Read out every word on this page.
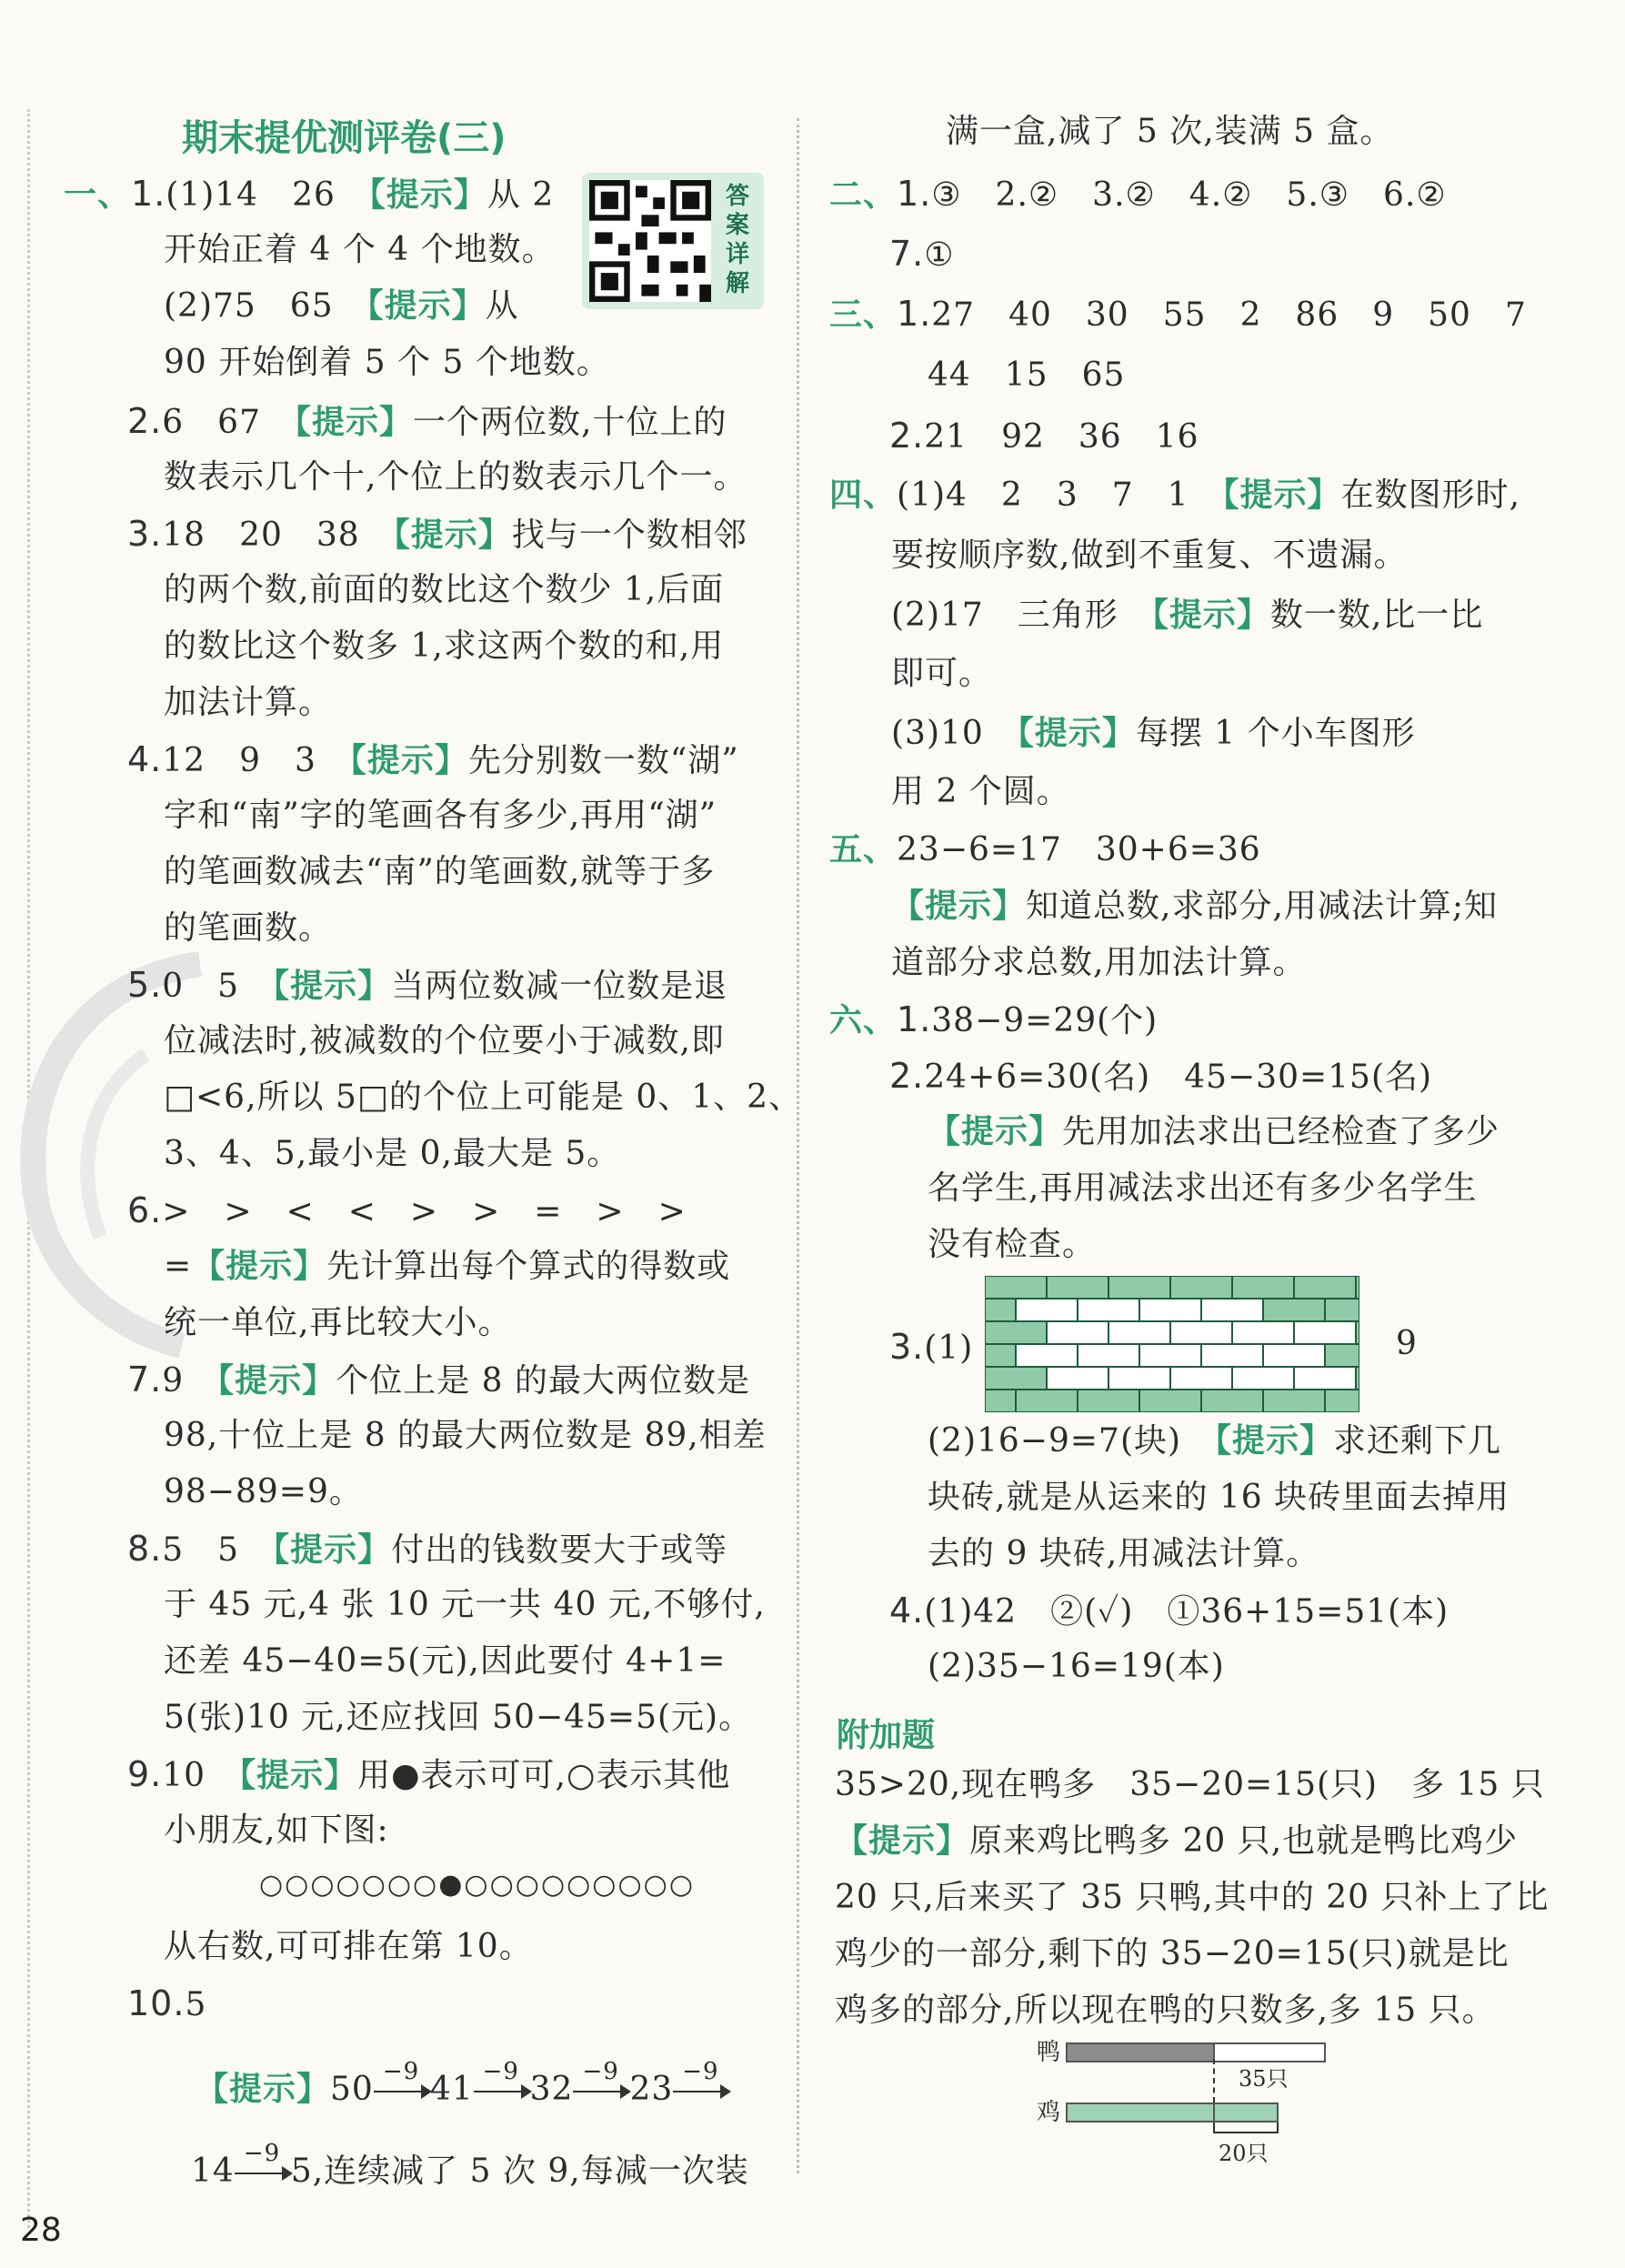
期末提优测评卷(三)
答
案
详
解
一、1.(1)14　26　【提示】从 2
开始正着 4 个 4 个地数。
(2)75　65　【提示】从
90 开始倒着 5 个 5 个地数。
2.6　67　【提示】一个两位数,十位上的
数表示几个十,个位上的数表示几个一。
3.18　20　38　【提示】找与一个数相邻
的两个数,前面的数比这个数少 1,后面
的数比这个数多 1,求这两个数的和,用
加法计算。
4.12　9　3　【提示】先分别数一数“湖”
字和“南”字的笔画各有多少,再用“湖”
的笔画数减去“南”的笔画数,就等于多
的笔画数。
5.0　5　【提示】当两位数减一位数是退
位减法时,被减数的个位要小于减数,即
□<6,所以 5□的个位上可能是 0、1、2、
3、4、5,最小是 0,最大是 5。
6.>　>　<　<　>　>　=　>　>
=【提示】先计算出每个算式的得数或
统一单位,再比较大小。
7.9　【提示】个位上是 8 的最大两位数是
98,十位上是 8 的最大两位数是 89,相差
98−89=9。
8.5　5　【提示】付出的钱数要大于或等
于 45 元,4 张 10 元一共 40 元,不够付,
还差 45−40=5(元),因此要付 4+1=
5(张)10 元,还应找回 50−45=5(元)。
9.10　【提示】用●表示可可,○表示其他
小朋友,如下图:
从右数,可可排在第 10。
10.5
满一盒,减了 5 次,装满 5 盒。
二、1.③　2.②　3.②　4.②　5.③　6.②
7.①
三、1.27　40　30　55　2　86　9　50　7
44　15　65
2.21　92　36　16
四、(1)4　2　3　7　1　【提示】在数图形时,
要按顺序数,做到不重复、不遗漏。
(2)17　三角形　【提示】数一数,比一比
即可。
(3)10　【提示】每摆 1 个小车图形
用 2 个圆。
五、23−6=17　30+6=36
【提示】知道总数,求部分,用减法计算;知
道部分求总数,用加法计算。
六、1.38−9=29(个)
2.24+6=30(名)　45−30=15(名)
【提示】先用加法求出已经检查了多少
名学生,再用减法求出还有多少名学生
没有检查。
3.(1)
(2)16−9=7(块)　【提示】求还剩下几
块砖,就是从运来的 16 块砖里面去掉用
去的 9 块砖,用减法计算。
4.(1)42　②(✓)　①36+15=51(本)
(2)35−16=19(本)
35>20,现在鸭多　35−20=15(只)　多 15 只
【提示】原来鸡比鸭多 20 只,也就是鸭比鸡少
20 只,后来买了 35 只鸭,其中的 20 只补上了比
鸡少的一部分,剩下的 35−20=15(只)就是比
鸡多的部分,所以现在鸭的只数多,多 15 只。
○○○○○○○●○○○○○○○○○
【提示】50 −9 41 −9 32 −9 23 −9
14 −9 5,连续减了 5 次 9,每减一次装
9
附加题
鸭
鸡
35只
20只
28
